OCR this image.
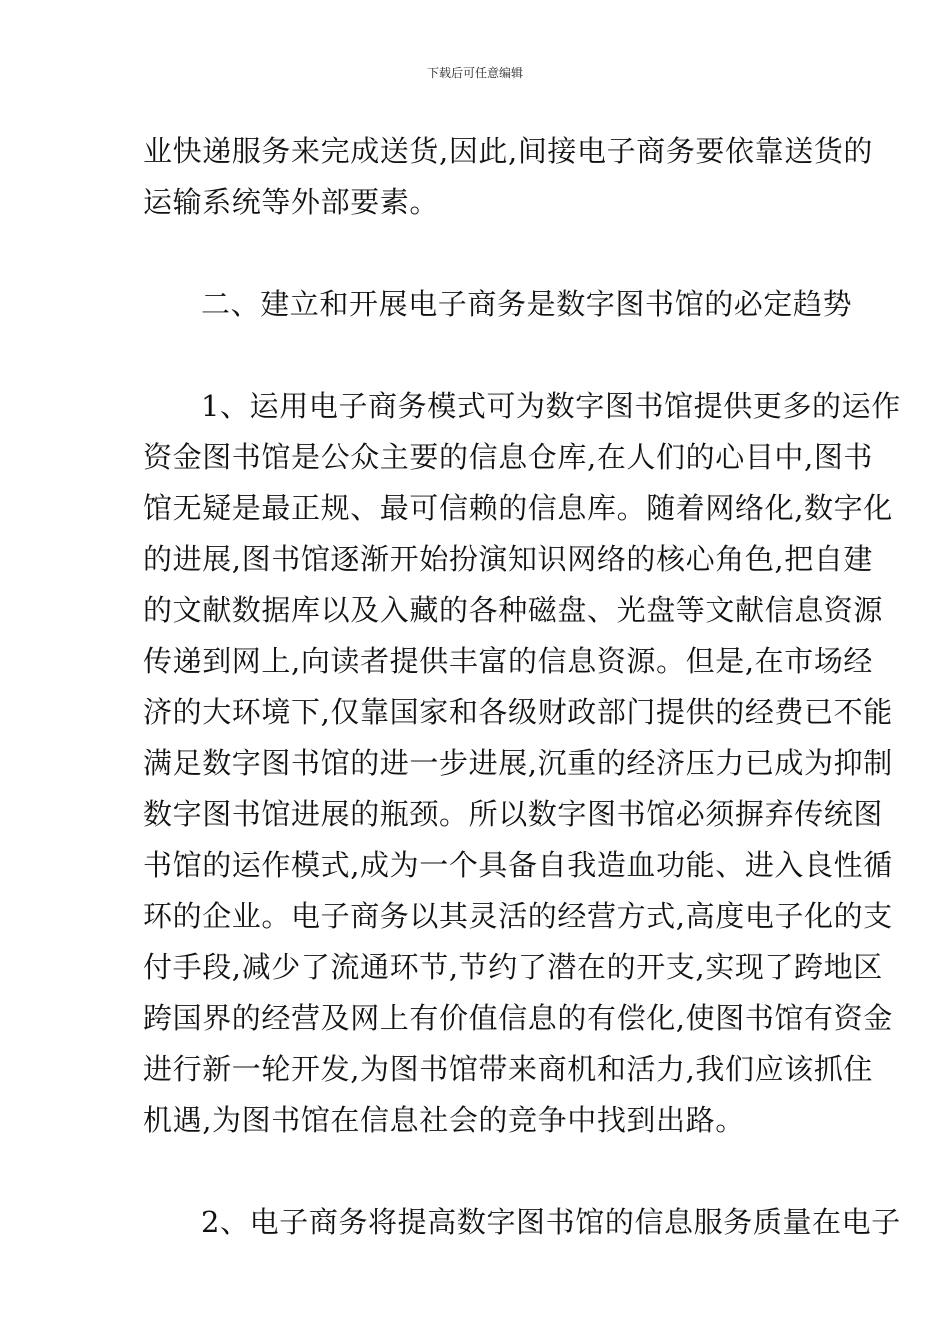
下载后可任意编辑
业快递服务来完成送货,因此,间接电子商务要依靠送货的
运输系统等外部要素。
二、建立和开展电子商务是数字图书馆的必定趋势
1、运用电子商务模式可为数字图书馆提供更多的运作
资金图书馆是公众主要的信息仓库,在人们的心目中,图书
馆无疑是最正规、最可信赖的信息库。随着网络化,数字化
的进展,图书馆逐渐开始扮演知识网络的核心角色,把自建
的文献数据库以及入藏的各种磁盘、光盘等文献信息资源
传递到网上,向读者提供丰富的信息资源。但是,在市场经
济的大环境下,仅靠国家和各级财政部门提供的经费已不能
满足数字图书馆的进一步进展,沉重的经济压力已成为抑制
数字图书馆进展的瓶颈。所以数字图书馆必须摒弃传统图
书馆的运作模式,成为一个具备自我造血功能、进入良性循
环的企业。电子商务以其灵活的经营方式,高度电子化的支
付手段,减少了流通环节,节约了潜在的开支,实现了跨地区
跨国界的经营及网上有价值信息的有偿化,使图书馆有资金
进行新一轮开发,为图书馆带来商机和活力,我们应该抓住
机遇,为图书馆在信息社会的竞争中找到出路。
2、电子商务将提高数字图书馆的信息服务质量在电子
